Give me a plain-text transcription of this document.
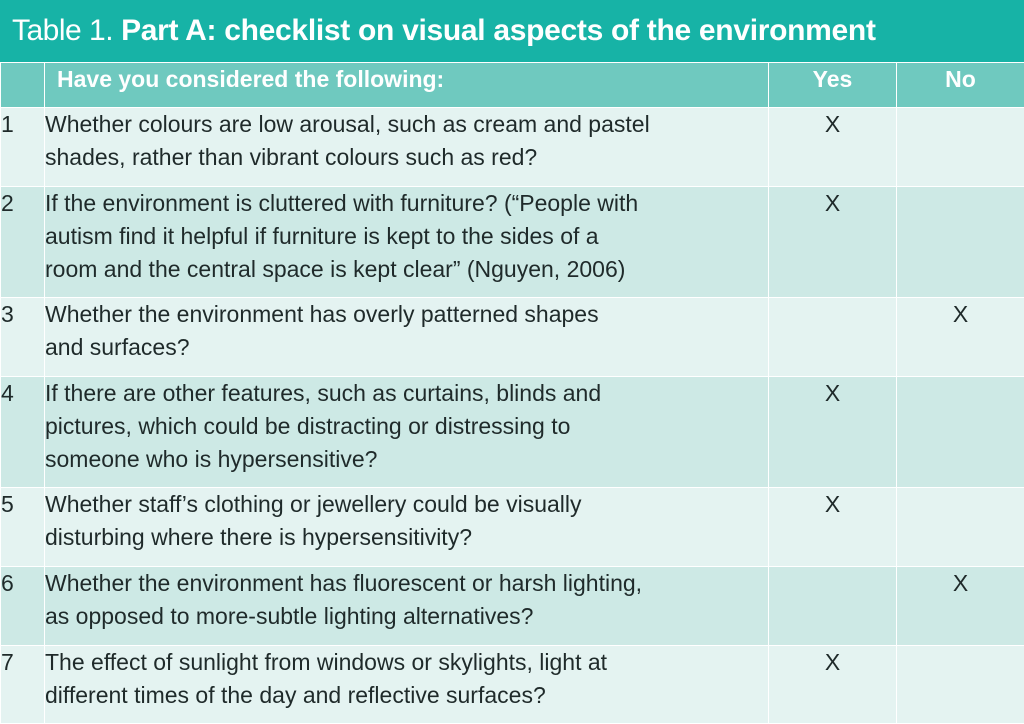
Table 1. Part A: checklist on visual aspects of the environment
	Have you considered the following:	Yes	No
1	Whether colours are low arousal, such as cream and pastel
shades, rather than vibrant colours such as red?	X	
2	If the environment is cluttered with furniture? (“People with
autism find it helpful if furniture is kept to the sides of a
room and the central space is kept clear” (Nguyen, 2006)	X	
3	Whether the environment has overly patterned shapes
and surfaces?		X
4	If there are other features, such as curtains, blinds and
pictures, which could be distracting or distressing to
someone who is hypersensitive?	X	
5	Whether staff’s clothing or jewellery could be visually
disturbing where there is hypersensitivity?	X	
6	Whether the environment has fluorescent or harsh lighting,
as opposed to more-subtle lighting alternatives?		X
7	The effect of sunlight from windows or skylights, light at
different times of the day and reflective surfaces?	X	
